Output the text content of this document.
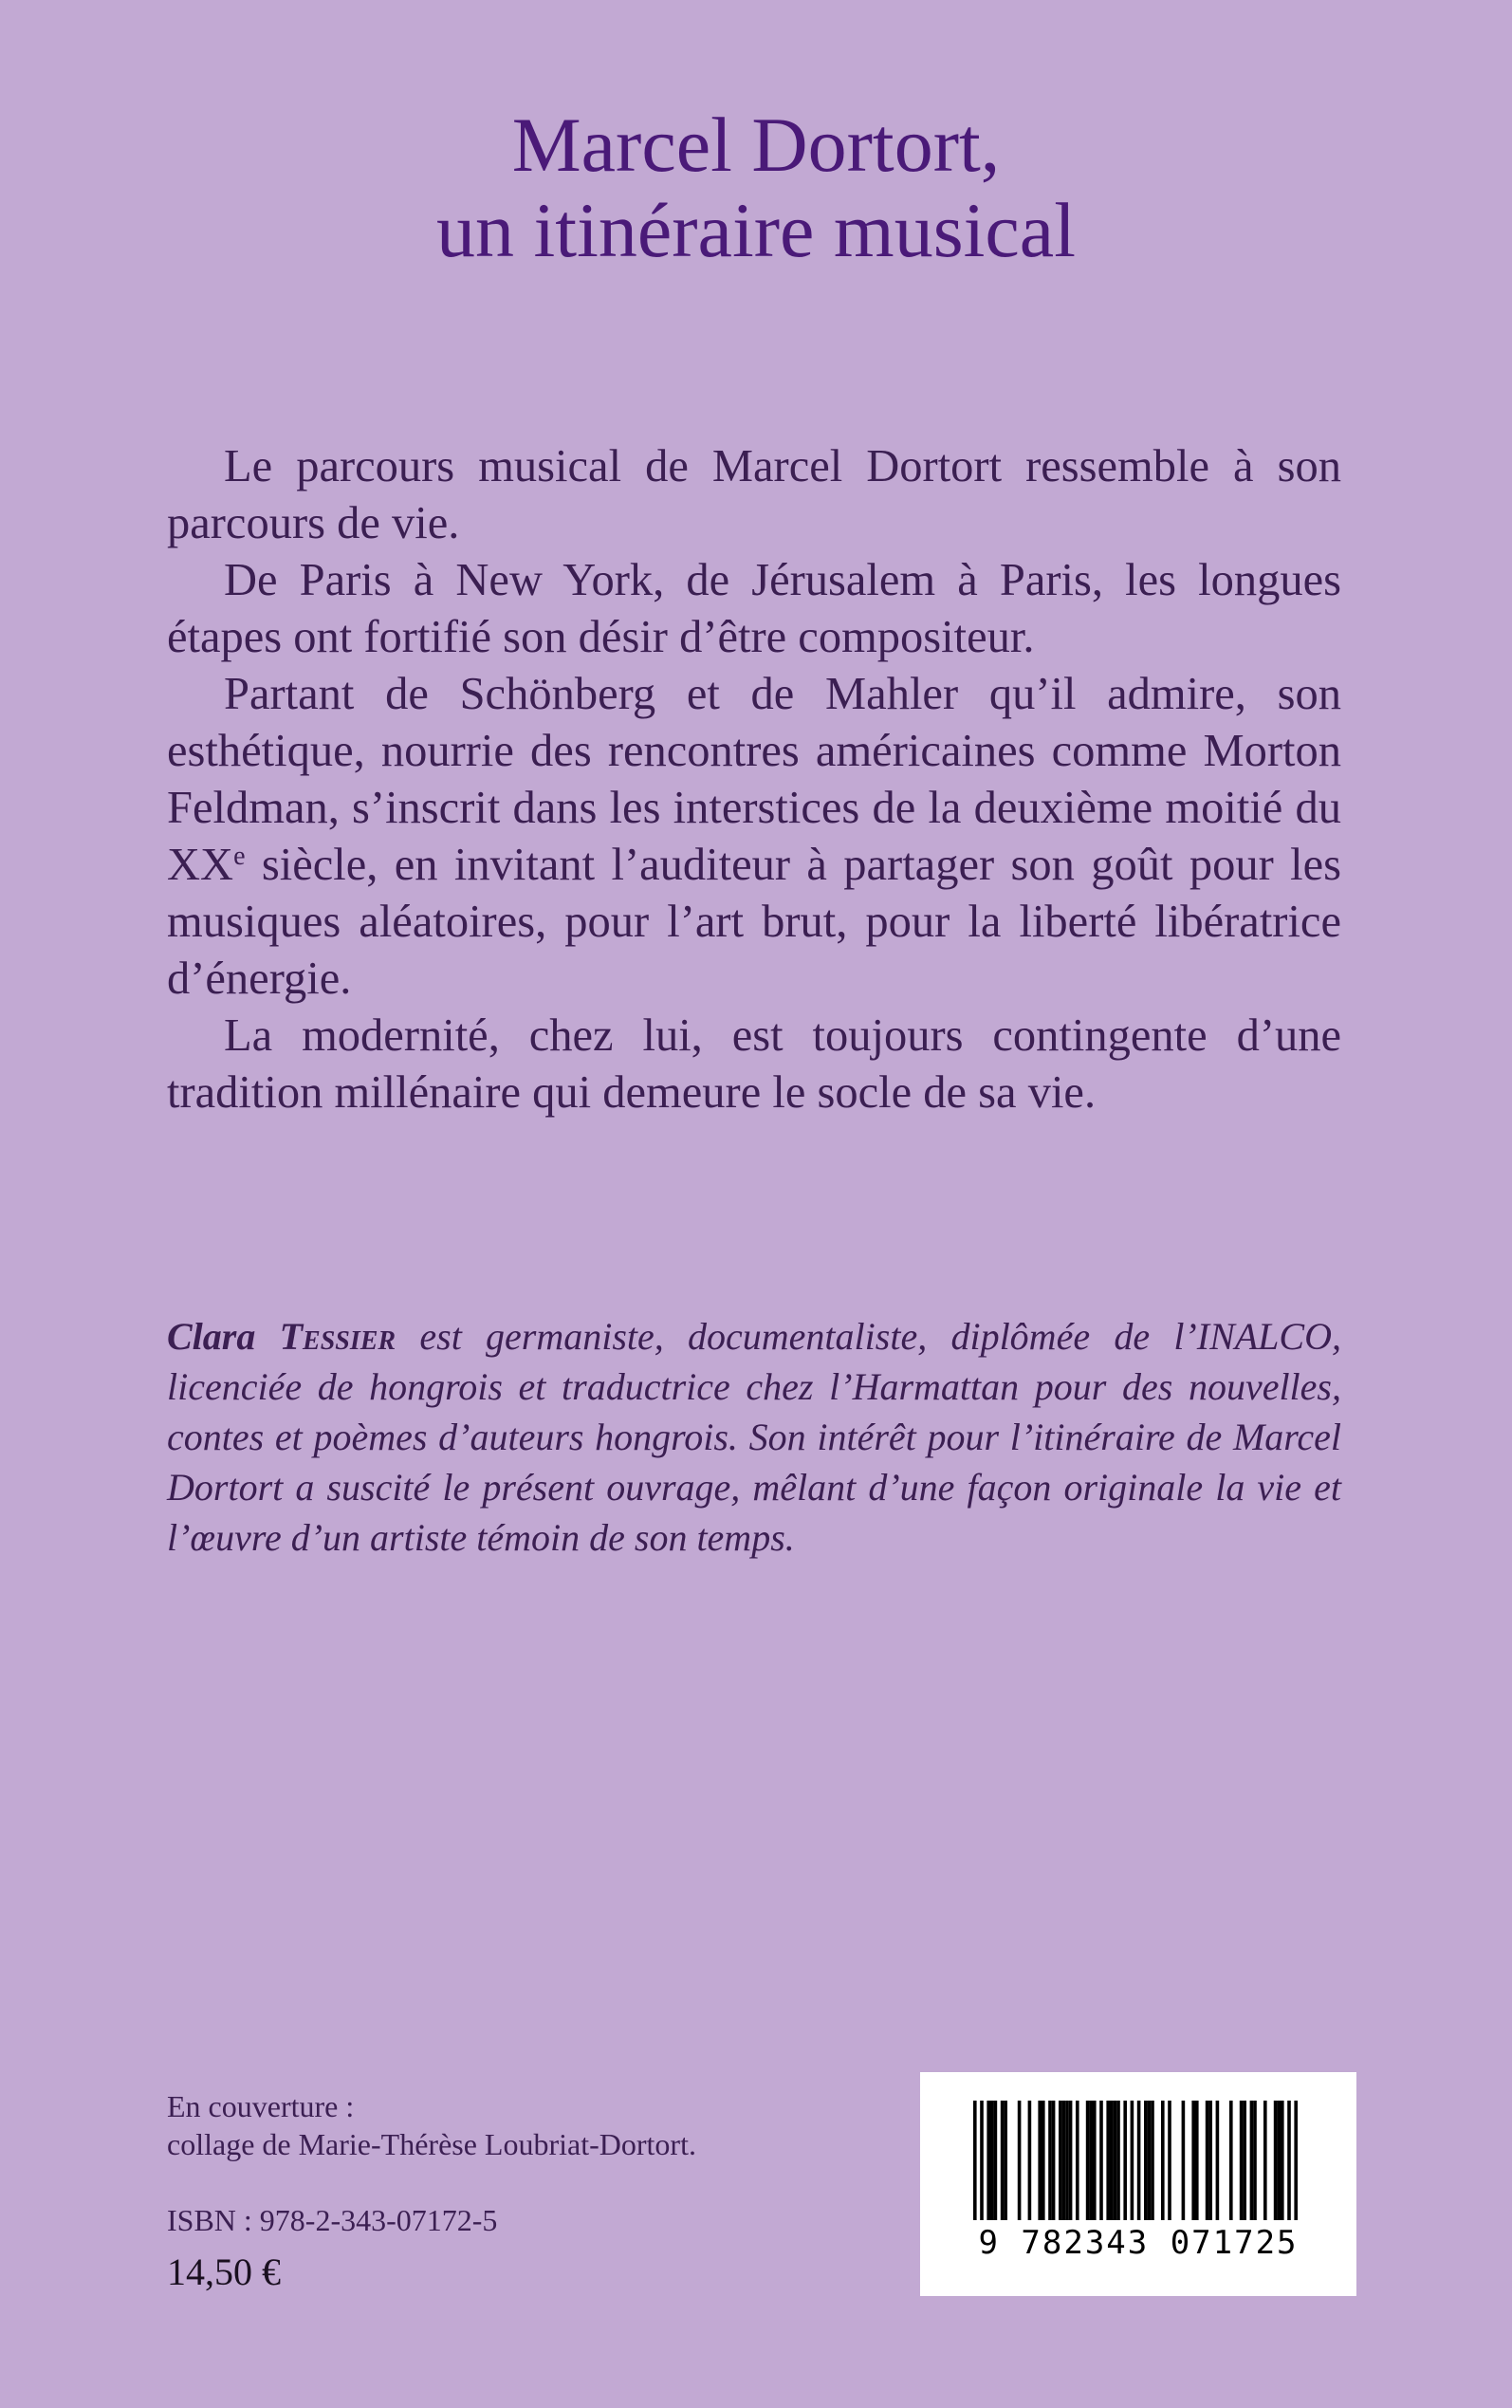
Marcel Dortort,
un itinéraire musical

Le parcours musical de Marcel Dortort ressemble à son parcours de vie.

De Paris à New York, de Jérusalem à Paris, les longues étapes ont fortifié son désir d’être compositeur.

Partant de Schönberg et de Mahler qu’il admire, son esthétique, nourrie des rencontres américaines comme Morton Feldman, s’inscrit dans les interstices de la deuxième moitié du XXe siècle, en invitant l’auditeur à partager son goût pour les musiques aléatoires, pour l’art brut, pour la liberté libératrice d’énergie.

La modernité, chez lui, est toujours contingente d’une tradition millénaire qui demeure le socle de sa vie.

Clara Tessier est germaniste, documentaliste, diplômée de l’INALCO, licenciée de hongrois et traductrice chez l’Harmattan pour des nouvelles, contes et poèmes d’auteurs hongrois. Son intérêt pour l’itinéraire de Marcel Dortort a suscité le présent ouvrage, mêlant d’une façon originale la vie et l’œuvre d’un artiste témoin de son temps.
En couverture :
collage de Marie-Thérèse Loubriat-Dortort.
ISBN : 978-2-343-07172-5
14,50 €
9 782343 071725
